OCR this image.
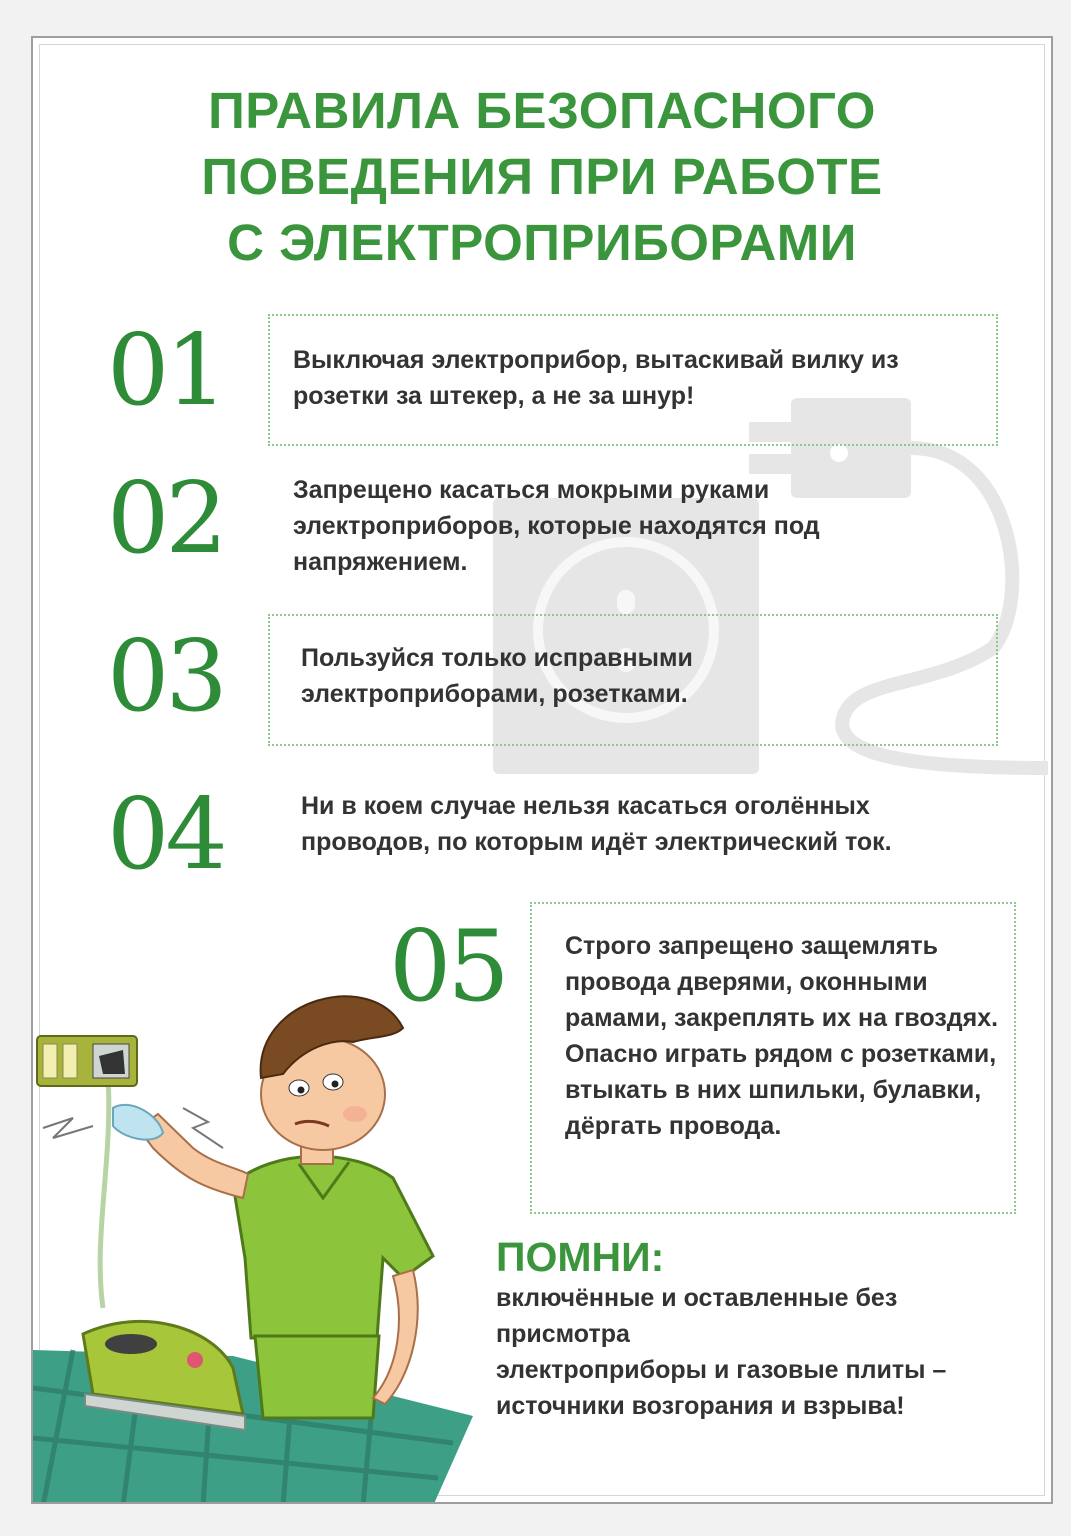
ПРАВИЛА БЕЗОПАСНОГО
ПОВЕДЕНИЯ ПРИ РАБОТЕ
С ЭЛЕКТРОПРИБОРАМИ
01	Выключая электроприбор, вытаскивай вилку из розетки за штекер, а не за шнур!
02	Запрещено касаться мокрыми руками электроприборов, которые находятся под напряжением.
03	Пользуйся только исправными электроприборами, розетками.
04	Ни в коем случае нельзя касаться оголённых проводов, по которым идёт электрический ток.
05 Строго запрещено защемлять провода дверями, оконными рамами, закреплять их на гвоздях. Опасно играть рядом с розетками, втыкать в них шпильки, булавки, дёргать провода.
ПОМНИ:
включённые и оставленные без
присмотра
электроприборы и газовые плиты –
источники возгорания и взрыва!
